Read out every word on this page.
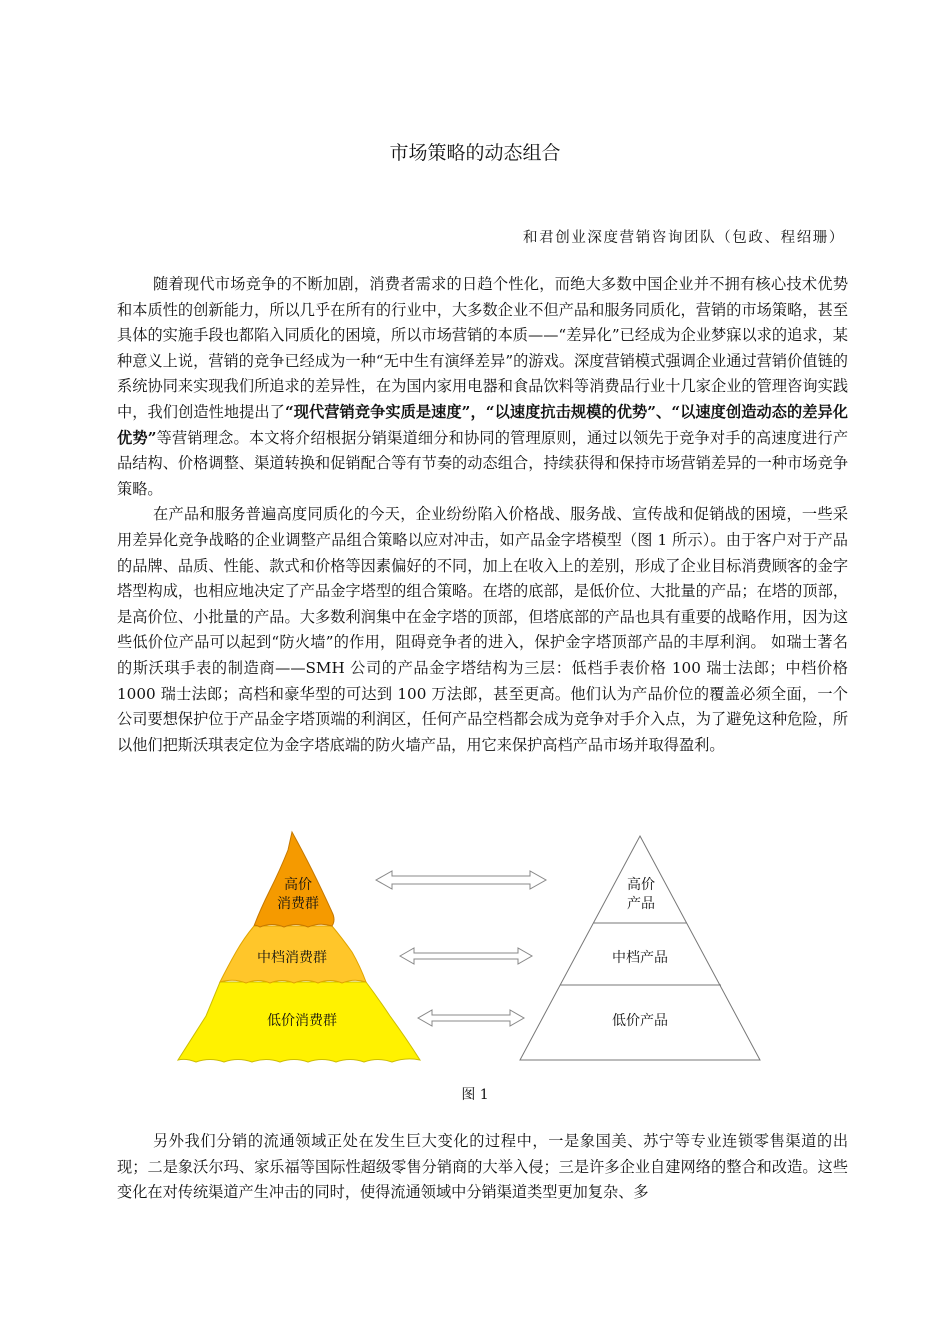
市场策略的动态组合
和君创业深度营销咨询团队（包政、程绍珊）

随着现代市场竞争的不断加剧，消费者需求的日趋个性化，而绝大多数中国企业并不拥有核心技术优势和本质性的创新能力，所以几乎在所有的行业中，大多数企业不但产品和服务同质化，营销的市场策略，甚至具体的实施手段也都陷入同质化的困境，所以市场营销的本质——“差异化”已经成为企业梦寐以求的追求，某种意义上说，营销的竞争已经成为一种“无中生有演绎差异”的游戏。深度营销模式强调企业通过营销价值链的系统协同来实现我们所追求的差异性，在为国内家用电器和食品饮料等消费品行业十几家企业的管理咨询实践中，我们创造性地提出了“现代营销竞争实质是速度”，“以速度抗击规模的优势”、“以速度创造动态的差异化优势”等营销理念。本文将介绍根据分销渠道细分和协同的管理原则，通过以领先于竞争对手的高速度进行产品结构、价格调整、渠道转换和促销配合等有节奏的动态组合，持续获得和保持市场营销差异的一种市场竞争策略。

在产品和服务普遍高度同质化的今天，企业纷纷陷入价格战、服务战、宣传战和促销战的困境，一些采用差异化竞争战略的企业调整产品组合策略以应对冲击，如产品金字塔模型（图 1 所示）。由于客户对于产品的品牌、品质、性能、款式和价格等因素偏好的不同，加上在收入上的差别，形成了企业目标消费顾客的金字塔型构成，也相应地决定了产品金字塔型的组合策略。在塔的底部，是低价位、大批量的产品；在塔的顶部，是高价位、小批量的产品。大多数利润集中在金字塔的顶部，但塔底部的产品也具有重要的战略作用，因为这些低价位产品可以起到“防火墙”的作用，阻碍竞争者的进入，保护金字塔顶部产品的丰厚利润。 如瑞士著名的斯沃琪手表的制造商——SMH 公司的产品金字塔结构为三层：低档手表价格 100 瑞士法郎；中档价格 1000 瑞士法郎；高档和豪华型的可达到 100 万法郎，甚至更高。他们认为产品价位的覆盖必须全面，一个公司要想保护位于产品金字塔顶端的利润区，任何产品空档都会成为竞争对手介入点，为了避免这种危险，所以他们把斯沃琪表定位为金字塔底端的防火墙产品，用它来保护高档产品市场并取得盈利。

高价
消费群
中档消费群
低价消费群
高价
产品
中档产品
低价产品
图 1

另外我们分销的流通领域正处在发生巨大变化的过程中，一是象国美、苏宁等专业连锁零售渠道的出现；二是象沃尔玛、家乐福等国际性超级零售分销商的大举入侵；三是许多企业自建网络的整合和改造。这些变化在对传统渠道产生冲击的同时，使得流通领域中分销渠道类型更加复杂、多
